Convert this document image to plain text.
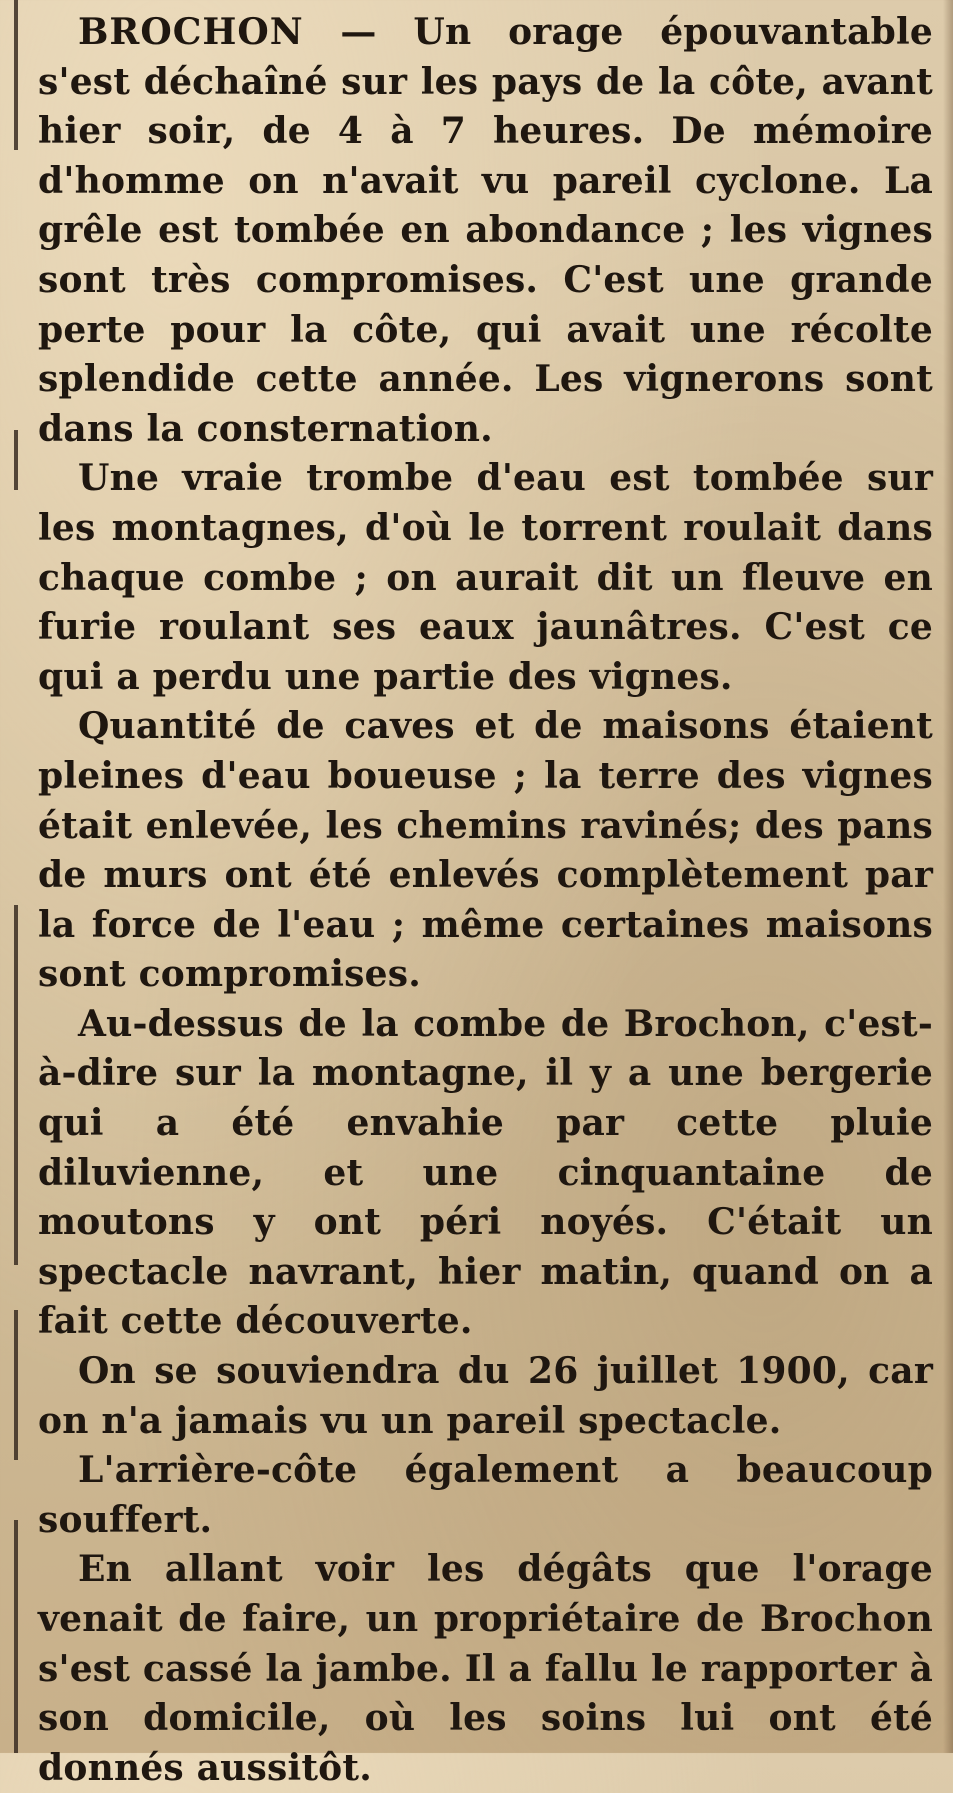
BROCHON — Un orage épouvantable s'est déchaîné sur les pays de la côte, avant hier soir, de 4 à 7 heures. De mémoire d'homme on n'avait vu pareil cyclone. La grêle est tombée en abondance ; les vignes sont très compromises. C'est une grande perte pour la côte, qui avait une récolte splendide cette année. Les vignerons sont dans la consternation.

Une vraie trombe d'eau est tombée sur les montagnes, d'où le torrent roulait dans chaque combe ; on aurait dit un fleuve en furie roulant ses eaux jaunâtres. C'est ce qui a perdu une partie des vignes.

Quantité de caves et de maisons étaient pleines d'eau boueuse ; la terre des vignes était enlevée, les chemins ravinés; des pans de murs ont été enlevés complètement par la force de l'eau ; même certaines maisons sont compromises.

Au-dessus de la combe de Brochon, c'est-à-dire sur la montagne, il y a une bergerie qui a été envahie par cette pluie diluvienne, et une cinquantaine de moutons y ont péri noyés. C'était un spectacle navrant, hier matin, quand on a fait cette découverte.

On se souviendra du 26 juillet 1900, car on n'a jamais vu un pareil spectacle.

L'arrière-côte également a beaucoup souffert.

En allant voir les dégâts que l'orage venait de faire, un propriétaire de Brochon s'est cassé la jambe. Il a fallu le rapporter à son domicile, où les soins lui ont été donnés aussitôt.
